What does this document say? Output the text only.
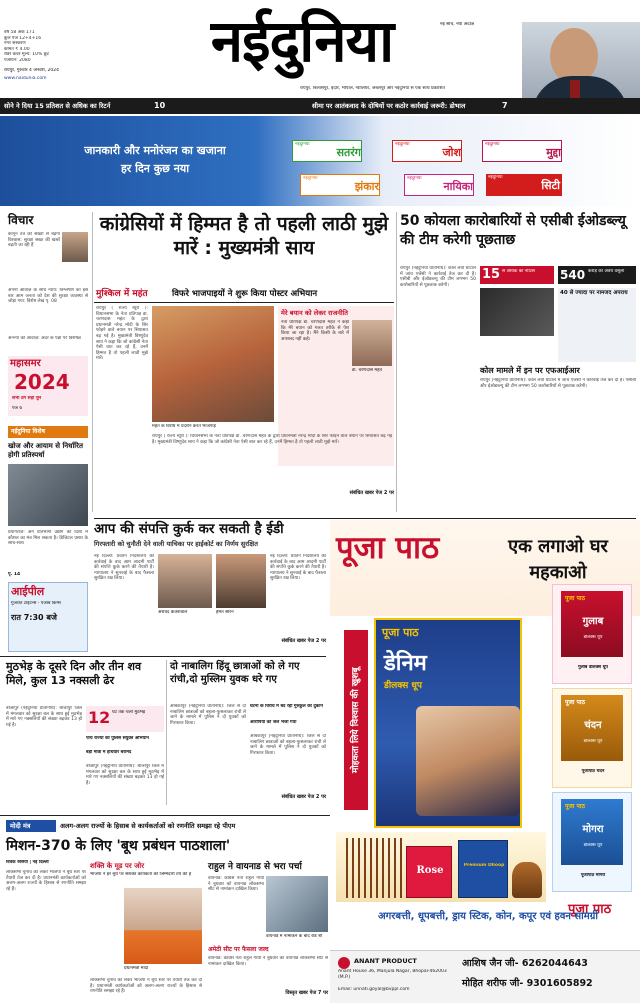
वर्ष 58 अंक 171
कुल पेज 12+4+16
नगर संस्करण
कीमत ₹ 4.00
रीडर कवर मूल्य: 10% छूट
पंजीयन: 2080
रायपुर, गुरुवार 4 जनवरी, 2024
www.naidunia.com
नईदुनिया	नई सोच, नया अंदाज़
रायपुर, बिलासपुर, इंदौर, भोपाल, ग्वालियर, जबलपुर और नईदुनिया से एक साथ प्रकाशित
सोने ने दिया 15 प्रतिशत से अधिक का रिटर्न	10	सीमा पर आतंकवाद के दोषियों पर कठोर कार्रवाई जरूरी: डोभाल	7
जानकारी और मनोरंजन का खजाना
हर दिन कुछ नया
नईदुनिया
सतरंग
नईदुनिया
जोश
नईदुनिया
मुद्दा
नईदुनिया
झंकार
नईदुनिया
नायिका
नईदुनिया
सिटी
विचार
कानून तंत्र की सख्ती से बढ़ेगा विश्वास: सुरक्षा सख्त की खबरें बढ़ती जा रही हैं
अपनी आवाज़ के साथ न्याय: विश्लेषण का इस बार आम जनता को देश की सुरक्षा व्यवस्था से जोड़ा गया: विशेष लेख पृ. 08
अनन्या की आवाज़: अंदर के पन्नों पर विशेषज्ञ
महासमर
2024
सभी ठग सही चुनें
पेज 6
नईदुनिया विशेष
खोज और आयाम से निर्धारित होगी प्रतिस्पर्धा
प्रयागराज: अंग प्रतिभागी उद्योग की दिशा में कौशल का मंत्र मिल सकता है। डिजिटल प्रसार के साथ-साथ
पृ. 14
आईपील
गुजरात टाइटन्स - पंजाब किंग्स
रात 7:30 बजे
कांग्रेसियों में हिम्मत है तो पहली लाठी मुझे मारें : मुख्यमंत्री साय
मुश्किल में महंत	विफरे भाजपाइयों ने शुरू किया पोस्टर अभियान
रायपुर ( राज्य ब्यूरो ): विधानसभा के नेता प्रतिपक्ष डा. चरणदास महंत के द्वारा प्रधानमंत्री नरेन्द्र मोदी के सिर फोड़ने वाले बयान पर सियासत बढ़ गई है। मुख्यमंत्री विष्णुदेव साय ने कहा कि जो कांग्रेसी नेता ऐसी बात कर रहे हैं, उनमें हिम्मत है तो पहली लाठी मुझे मारें।
महंत के विरोध में प्रदर्शन करते भाजपाई
मेरे बयान को लेकर राजनीति
नेता प्रतिपक्ष डा. चरणदास महंत ने कहा कि मेरे बयान को गलत तरीके से पेश किया जा रहा है। मैंने किसी के बारे में अपशब्द नहीं कहे।
डा. चरणदास महंत
रायपुर ( राज्य ब्यूरो ): विधानसभा के नेता प्रतिपक्ष डा. चरणदास महंत के द्वारा प्रधानमंत्री नरेन्द्र मोदी के सिर फोड़ने वाले बयान पर सियासत बढ़ गई है। मुख्यमंत्री विष्णुदेव साय ने कहा कि जो कांग्रेसी नेता ऐसी बात कर रहे हैं, उनमें हिम्मत है तो पहली लाठी मुझे मारें।
संबंधित खबर पेज 2 पर
50 कोयला कारोबारियों से एसीबी ईओडब्ल्यू की टीम करेगी पूछताछ
रायपुर (नईदुनिया प्रतिनिधि): कोल लेवी घोटाले में जांच एजेंसी ने कार्रवाई तेज कर दी है। एसीबी और ईओडब्ल्यू की टीम लगभग 50 कारोबारियों से पूछताछ करेगी।
15 से अधिक को नोटिस	540 करोड़ की अवैध वसूली
40 से ज्यादा पर नामजद अपराध
कोल मामले में इन पर एफआईआर
रायपुर (नईदुनिया प्रतिनिधि): कोल लेवी घोटाले में जांच एजेंसी ने कार्रवाई तेज कर दी है। एसीबी और ईओडब्ल्यू की टीम लगभग 50 कारोबारियों से पूछताछ करेगी।
आप की संपत्ति कुर्क कर सकती है ईडी
गिरफ्तारी को चुनौती देने वाली याचिका पर हाईकोर्ट का निर्णय सुरक्षित
नई दिल्ली: प्रवर्तन निदेशालय की कार्रवाई के बाद आम आदमी पार्टी की संपत्ति कुर्क करने की तैयारी है। न्यायालय ने सुनवाई के बाद फैसला सुरक्षित रख लिया।
अरविंद केजरीवाल	हेमंत सोरेन
नई दिल्ली: प्रवर्तन निदेशालय की कार्रवाई के बाद आम आदमी पार्टी की संपत्ति कुर्क करने की तैयारी है। न्यायालय ने सुनवाई के बाद फैसला सुरक्षित रख लिया।
संबंधित खबर पेज 2 पर
मुठभेड़ के दूसरे दिन और तीन शव मिले, कुल 13 नक्सली ढेर
बीजापुर (नईदुनिया प्रतिनिधि): बीजापुर जिले में मंगलवार को सुरक्षा बल के साथ हुई मुठभेड़ में मारे गए नक्सलियों की संख्या बढ़कर 13 हो गई है।	12 घंटे तक चली मुठभेड़
पांच राज्यों की पुलिस संयुक्त अभियान
बड़ी मात्रा में हथियार बरामद
बीजापुर (नईदुनिया प्रतिनिधि): बीजापुर जिले में मंगलवार को सुरक्षा बल के साथ हुई मुठभेड़ में मारे गए नक्सलियों की संख्या बढ़कर 13 हो गई है।
दो नाबालिग हिंदू छात्राओं को ले गए रांची,दो मुस्लिम युवक धरे गए
अंबिकापुर (नईदुनिया प्रतिनिधि): जिले से दो नाबालिग छात्राओं को बहला-फुसलाकर रांची ले जाने के मामले में पुलिस ने दो युवकों को गिरफ्तार किया।
घटना के विरोध में बंद रही गुरुकुल की दुकानें
आरोपियों को जेल भेजा गया
अंबिकापुर (नईदुनिया प्रतिनिधि): जिले से दो नाबालिग छात्राओं को बहला-फुसलाकर रांची ले जाने के मामले में पुलिस ने दो युवकों को गिरफ्तार किया।
संबंधित खबर पेज 2 पर
मोदी मंत्र	अलग-अलग राज्यों के हिसाब से कार्यकर्ताओं को रणनीति समझा रहे पीएम
मिशन-370 के लिए 'बूथ प्रबंधन पाठशाला'
विवेक रुसिया | नई दिल्ली
लोकसभा चुनाव को लेकर भाजपा ने बूथ स्तर पर तैयारी तेज कर दी है। प्रधानमंत्री कार्यकर्ताओं को अलग-अलग राज्यों के हिसाब से रणनीति समझा रहे हैं।
शक्ति के मूड पर जोर
भाजपा ने हर बूथ पर सशक्त कार्यकर्ता की जिम्मेदारी तय की है
प्रधानमंत्री मोदी
लोकसभा चुनाव को लेकर भाजपा ने बूथ स्तर पर तैयारी तेज कर दी है। प्रधानमंत्री कार्यकर्ताओं को अलग-अलग राज्यों के हिसाब से रणनीति समझा रहे हैं।
राहुल ने वायनाड से भरा पर्चा
वायनाड: कांग्रेस नेता राहुल गांधी ने बुधवार को वायनाड लोकसभा सीट से नामांकन दाखिल किया।
वायनाड में नामांकन के बाद रोड शो
अमेठी सीट पर फैसला जल्द
वायनाड: कांग्रेस नेता राहुल गांधी ने बुधवार को वायनाड लोकसभा सीट से नामांकन दाखिल किया।
विस्तृत खबर पेज 7 पर
पूजा पाठ	एक लगाओ घर महकाओ
पूजा पाठ
डेनिम
डीलक्स धूप
मोहकता लिये विश्वास की खुशबू
पूजा पाठ
गुलाब
डीलक्स धूप
गुलाब डीलक्स धूप
पूजा पाठ
चंदन
डीलक्स धूप
पूजापाठ चंदन
पूजा पाठ
मोगरा
डीलक्स धूप
पूजापाठ मोगरा
Rose	Premium Dhoop
पूजा पाठ
अगरबत्ती, धूपबत्ती, ड्राय स्टिक, कोन, कपूर एवं हवन सामग्री
ANANT PRODUCT
Anant House 36, Manjula Nagar, Bhopal-462003 (M.P.)
Email: unnati.goyal@bvppl.com
आशिष जैन जी- 6262044643
मोहित शरीफ जी- 9301605892
